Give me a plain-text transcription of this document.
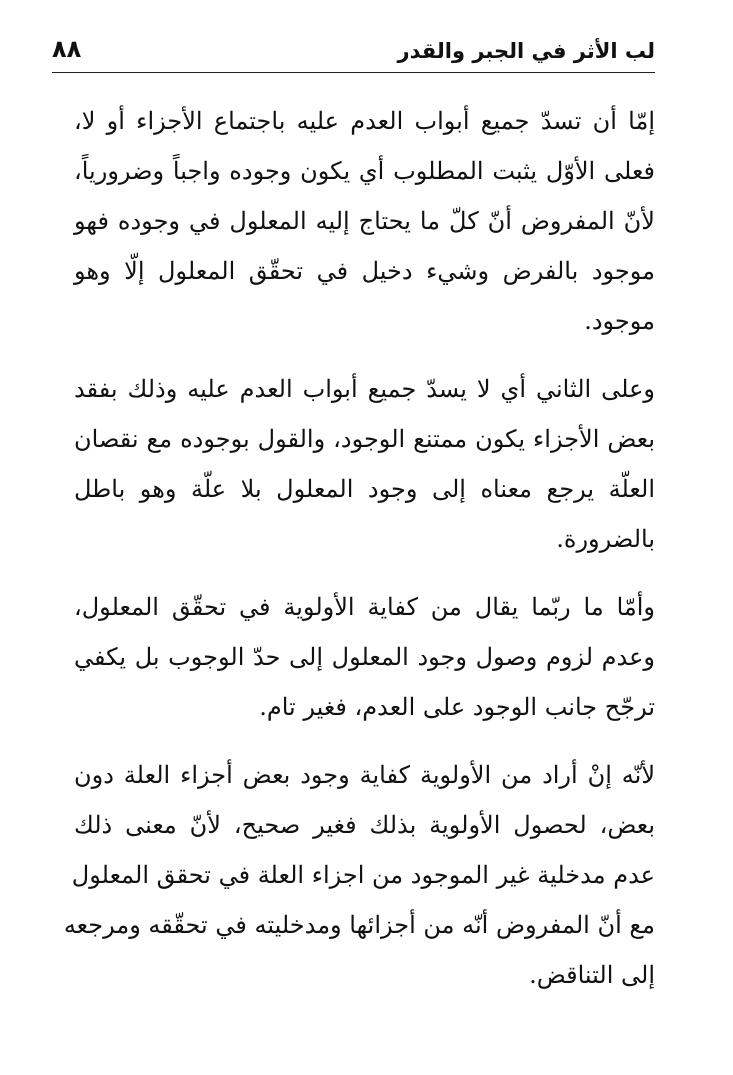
لب الأثر في الجبر والقدر
٨٨

إمّا أن تسدّ جميع أبواب العدم عليه باجتماع الأجزاء أو لا،
فعلى الأوّل يثبت المطلوب أي يكون وجوده واجباً وضرورياً،
لأنّ المفروض أنّ كلّ ما يحتاج إليه المعلول في وجوده فهو
موجود بالفرض وشيء دخيل في تحقّق المعلول إلّا وهو
موجود.

وعلى الثاني أي لا يسدّ جميع أبواب العدم عليه وذلك بفقد
بعض الأجزاء يكون ممتنع الوجود، والقول بوجوده مع نقصان
العلّة يرجع معناه إلى وجود المعلول بلا علّة وهو باطل
بالضرورة.

وأمّا ما ربّما يقال من كفاية الأولوية في تحقّق المعلول،
وعدم لزوم وصول وجود المعلول إلى حدّ الوجوب بل يكفي
ترجّح جانب الوجود على العدم، فغير تام.

لأنّه إنْ أراد من الأولوية كفاية وجود بعض أجزاء العلة دون
بعض، لحصول الأولوية بذلك فغير صحيح، لأنّ معنى ذلك
عدم مدخلية غير الموجود من اجزاء العلة في تحقق المعلول
مع أنّ المفروض أنّه من أجزائها ومدخليته في تحقّقه ومرجعه
إلى التناقض.
